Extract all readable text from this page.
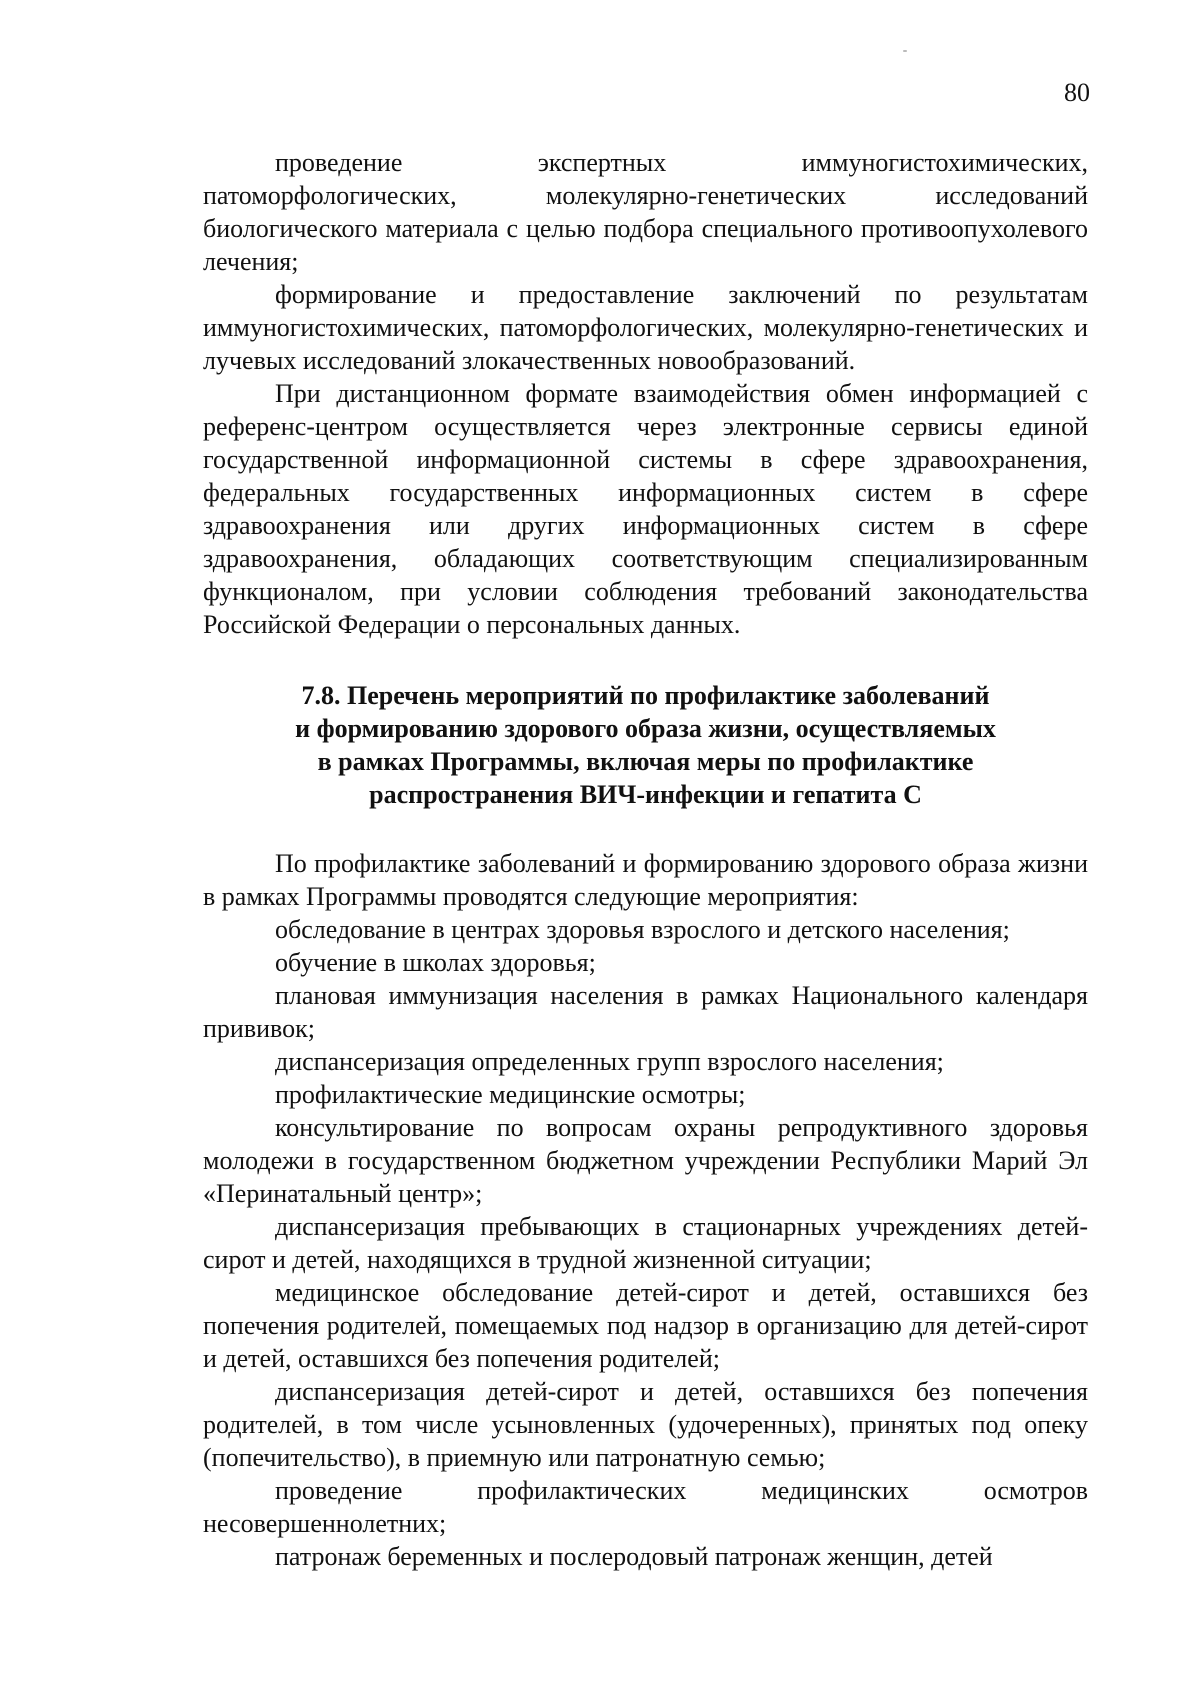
80

проведение экспертных иммуногистохимических, патоморфологических, молекулярно-генетических исследований биологического материала с целью подбора специального противоопухолевого лечения;

формирование и предоставление заключений по результатам иммуногистохимических, патоморфологических, молекулярно-генетических и лучевых исследований злокачественных новообразований.

При дистанционном формате взаимодействия обмен информацией с референс-центром осуществляется через электронные сервисы единой государственной информационной системы в сфере здравоохранения, федеральных государственных информационных систем в сфере здравоохранения или других информационных систем в сфере здравоохранения, обладающих соответствующим специализированным функционалом, при условии соблюдения требований законодательства Российской Федерации о персональных данных.

7.8. Перечень мероприятий по профилактике заболеваний
и формированию здорового образа жизни, осуществляемых
в рамках Программы, включая меры по профилактике
распространения ВИЧ-инфекции и гепатита С

По профилактике заболеваний и формированию здорового образа жизни в рамках Программы проводятся следующие мероприятия:

обследование в центрах здоровья взрослого и детского населения;

обучение в школах здоровья;

плановая иммунизация населения в рамках Национального календаря прививок;

диспансеризация определенных групп взрослого населения;

профилактические медицинские осмотры;

консультирование по вопросам охраны репродуктивного здоровья молодежи в государственном бюджетном учреждении Республики Марий Эл «Перинатальный центр»;

диспансеризация пребывающих в стационарных учреждениях детей-сирот и детей, находящихся в трудной жизненной ситуации;

медицинское обследование детей-сирот и детей, оставшихся без попечения родителей, помещаемых под надзор в организацию для детей-сирот и детей, оставшихся без попечения родителей;

диспансеризация детей-сирот и детей, оставшихся без попечения родителей, в том числе усыновленных (удочеренных), принятых под опеку (попечительство), в приемную или патронатную семью;

проведение профилактических медицинских осмотров несовершеннолетних;

патронаж беременных и послеродовый патронаж женщин, детей
